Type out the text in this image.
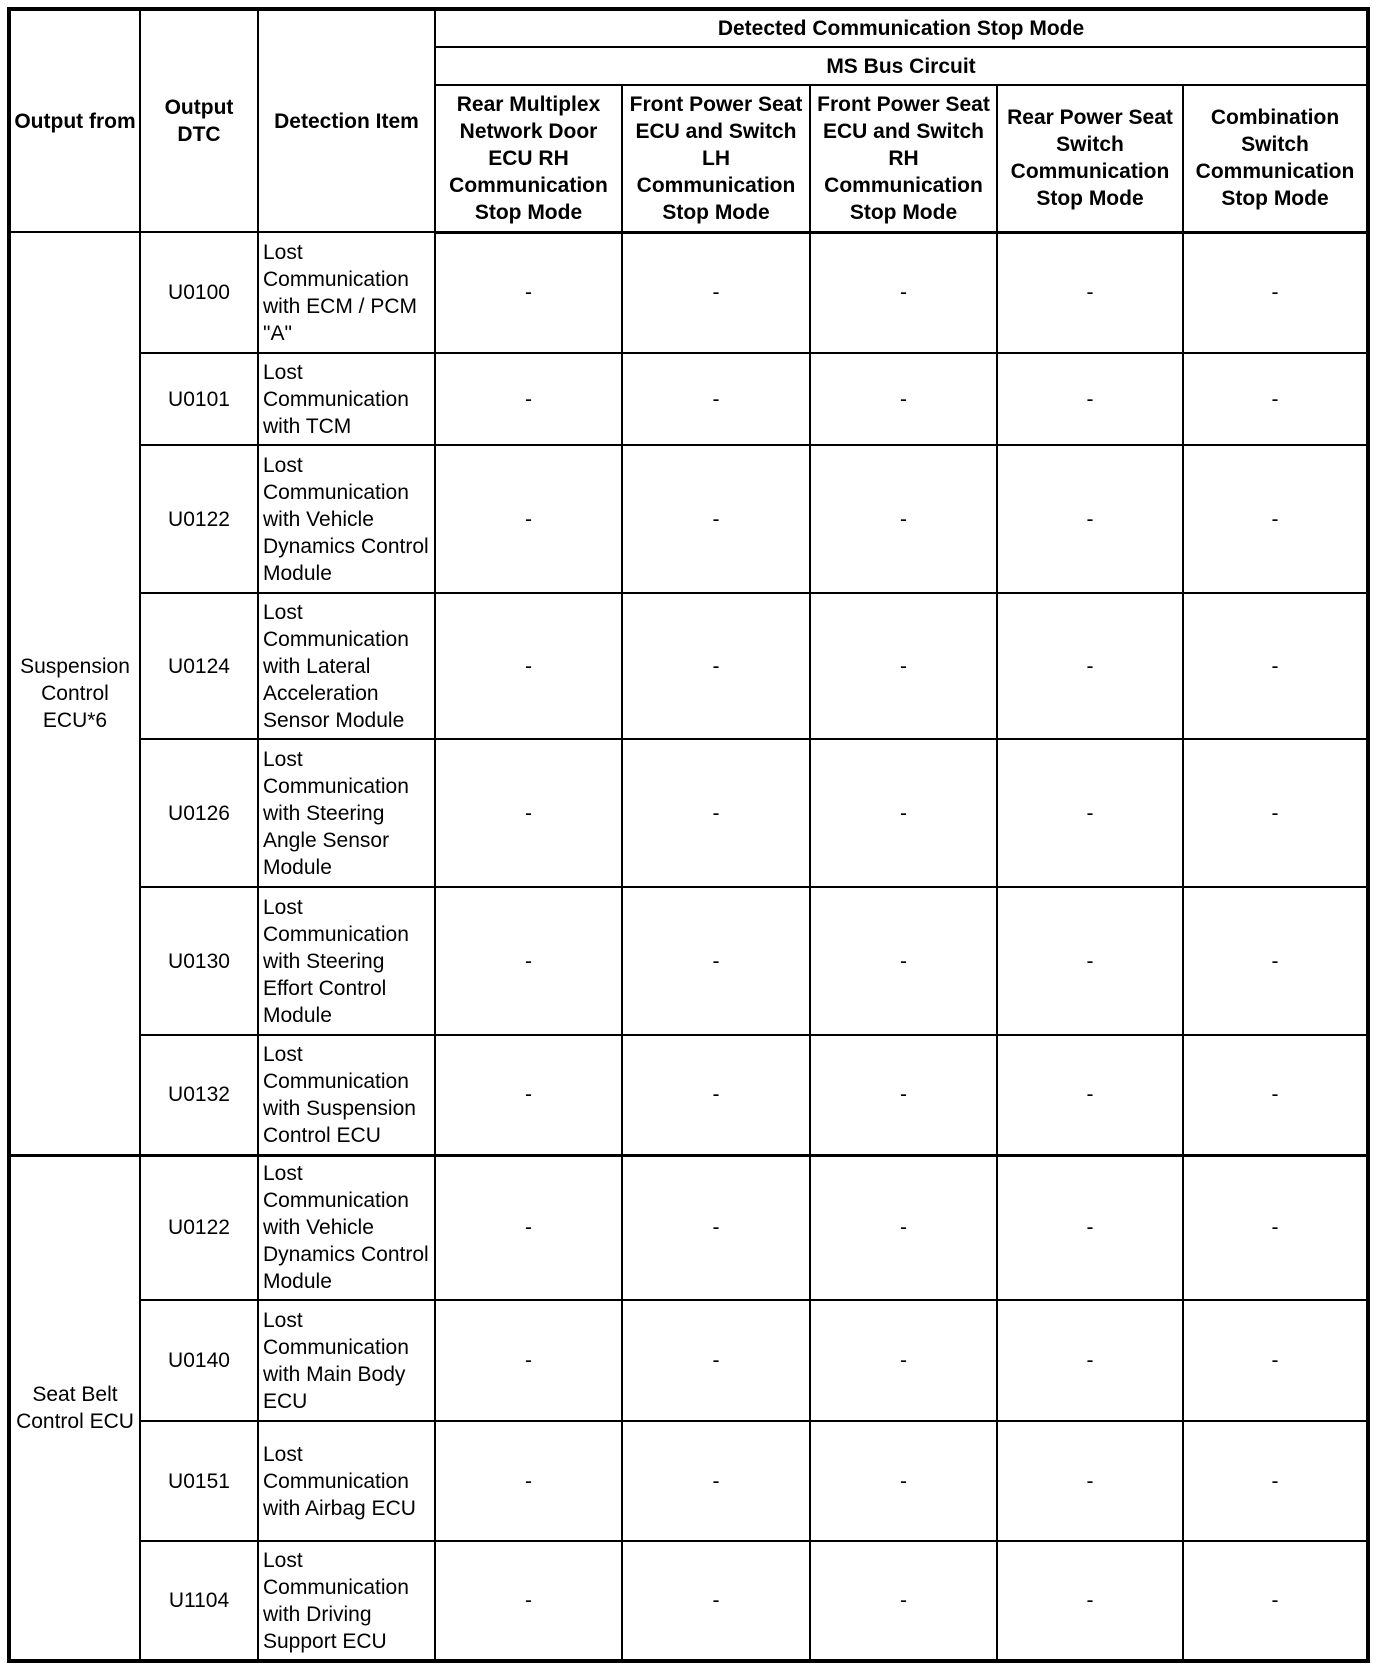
Output from	Output DTC	Detection Item	Detected Communication Stop Mode				
			MS Bus Circuit				
			Rear Multiplex Network Door ECU RH Communication Stop Mode	Front Power Seat ECU and Switch LH Communication Stop Mode	Front Power Seat ECU and Switch RH Communication Stop Mode	Rear Power Seat Switch Communication Stop Mode	Combination Switch Communication Stop Mode
Suspension Control ECU*6	U0100	Lost Communication with ECM / PCM "A"	-	-	-	-	-
	U0101	Lost Communication with TCM	-	-	-	-	-
	U0122	Lost Communication with Vehicle Dynamics Control Module	-	-	-	-	-
	U0124	Lost Communication with Lateral Acceleration Sensor Module	-	-	-	-	-
	U0126	Lost Communication with Steering Angle Sensor Module	-	-	-	-	-
	U0130	Lost Communication with Steering Effort Control Module	-	-	-	-	-
	U0132	Lost Communication with Suspension Control ECU	-	-	-	-	-
Seat Belt Control ECU	U0122	Lost Communication with Vehicle Dynamics Control Module	-	-	-	-	-
	U0140	Lost Communication with Main Body ECU	-	-	-	-	-
	U0151	Lost Communication with Airbag ECU	-	-	-	-	-
	U1104	Lost Communication with Driving Support ECU	-	-	-	-	-
